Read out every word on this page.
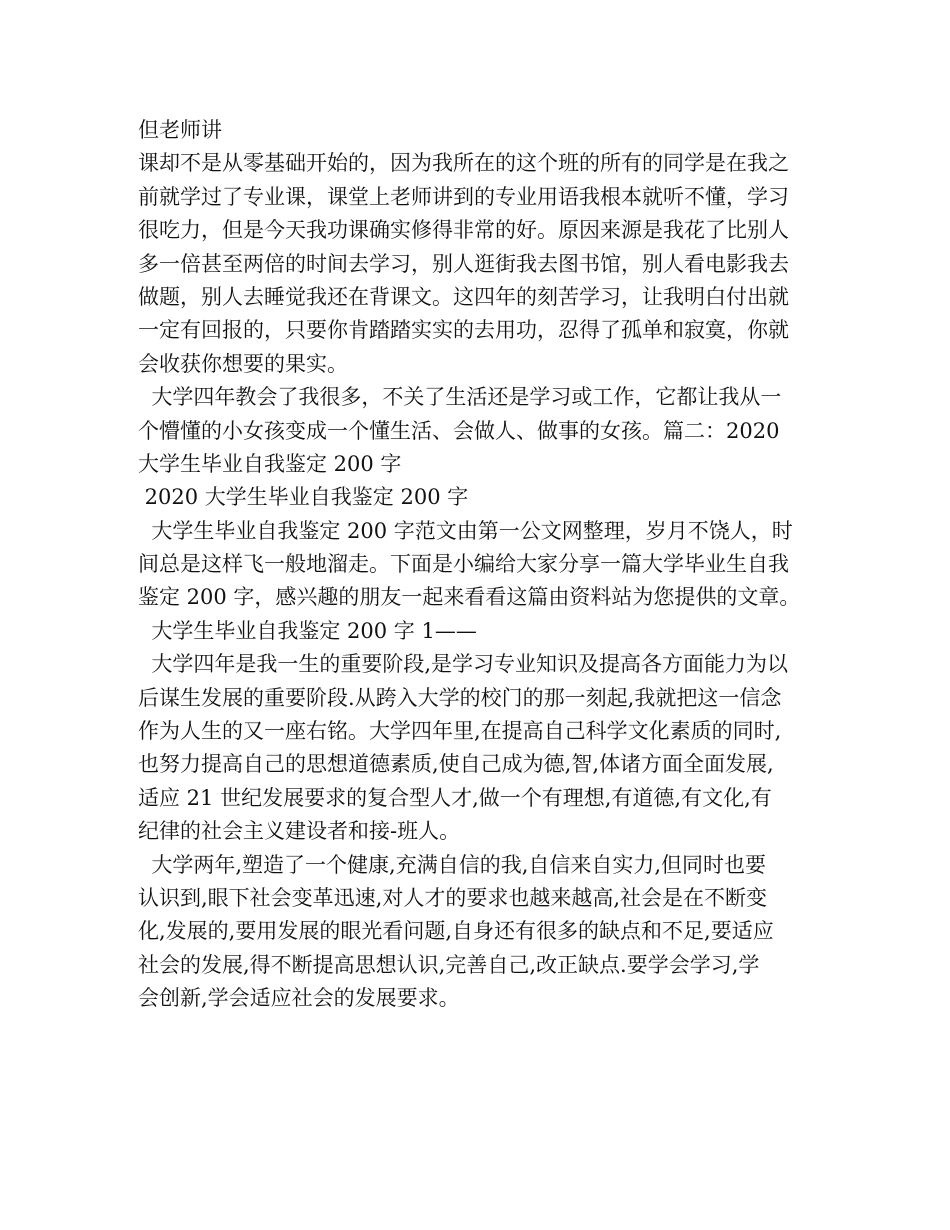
但老师讲
课却不是从零基础开始的，因为我所在的这个班的所有的同学是在我之
前就学过了专业课，课堂上老师讲到的专业用语我根本就听不懂，学习
很吃力，但是今天我功课确实修得非常的好。原因来源是我花了比别人
多一倍甚至两倍的时间去学习，别人逛街我去图书馆，别人看电影我去
做题，别人去睡觉我还在背课文。这四年的刻苦学习，让我明白付出就
一定有回报的，只要你肯踏踏实实的去用功，忍得了孤单和寂寞，你就
会收获你想要的果实。
大学四年教会了我很多，不关了生活还是学习或工作，它都让我从一
个懵懂的小女孩变成一个懂生活、会做人、做事的女孩。篇二：2020
大学生毕业自我鉴定 200 字
2020 大学生毕业自我鉴定 200 字
大学生毕业自我鉴定 200 字范文由第一公文网整理，岁月不饶人，时
间总是这样飞一般地溜走。下面是小编给大家分享一篇大学毕业生自我
鉴定 200 字，感兴趣的朋友一起来看看这篇由资料站为您提供的文章。
大学生毕业自我鉴定 200 字 1——
大学四年是我一生的重要阶段,是学习专业知识及提高各方面能力为以
后谋生发展的重要阶段.从跨入大学的校门的那一刻起,我就把这一信念
作为人生的又一座右铭。大学四年里,在提高自己科学文化素质的同时,
也努力提高自己的思想道德素质,使自己成为德,智,体诸方面全面发展,
适应 21 世纪发展要求的复合型人才,做一个有理想,有道德,有文化,有
纪律的社会主义建设者和接-班人。
大学两年,塑造了一个健康,充满自信的我,自信来自实力,但同时也要
认识到,眼下社会变革迅速,对人才的要求也越来越高,社会是在不断变
化,发展的,要用发展的眼光看问题,自身还有很多的缺点和不足,要适应
社会的发展,得不断提高思想认识,完善自己,改正缺点.要学会学习,学
会创新,学会适应社会的发展要求。
